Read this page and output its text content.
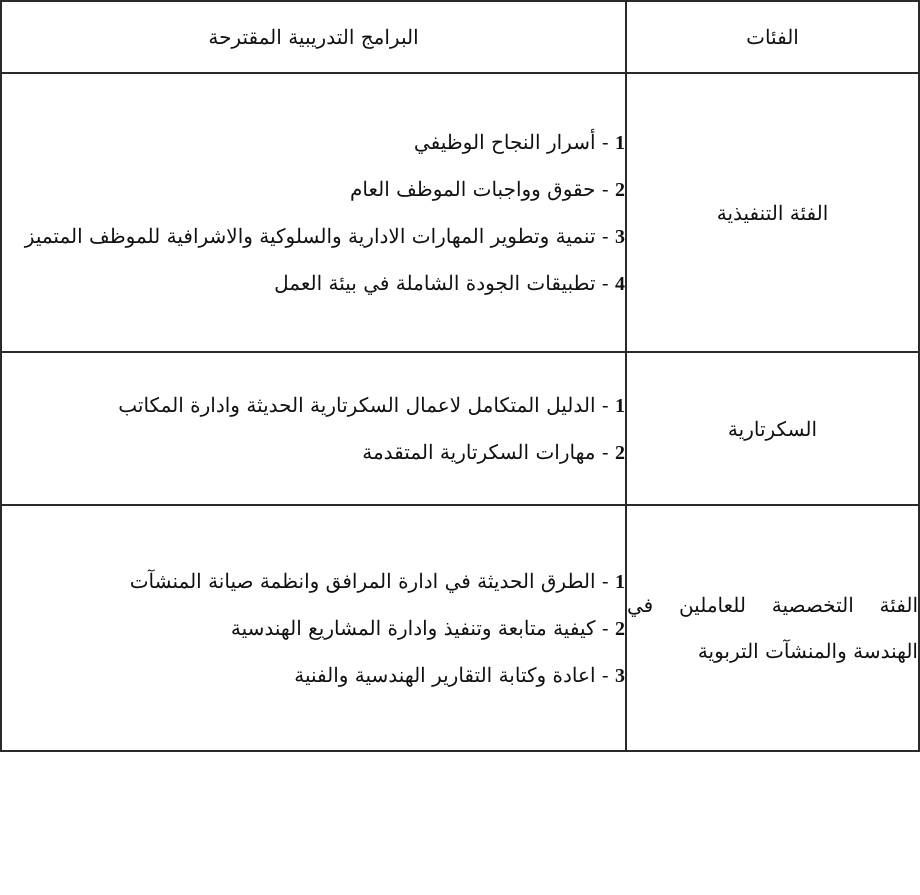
الفئات	البرامج التدريبية المقترحة
الفئة التنفيذية	1 - أسرار النجاح الوظيفي

2 - حقوق وواجبات الموظف العام

3 - تنمية وتطوير المهارات الادارية والسلوكية والاشرافية للموظف المتميز

4 - تطبيقات الجودة الشاملة في بيئة العمل

السكرتارية	1 - الدليل المتكامل لاعمال السكرتارية الحديثة وادارة المكاتب

2 - مهارات السكرتارية المتقدمة

الفئة التخصصية للعاملين في الهندسة والمنشآت التربوية	1 - الطرق الحديثة في ادارة المرافق وانظمة صيانة المنشآت

2 - كيفية متابعة وتنفيذ وادارة المشاريع الهندسية

3 - اعادة وكتابة التقارير الهندسية والفنية
